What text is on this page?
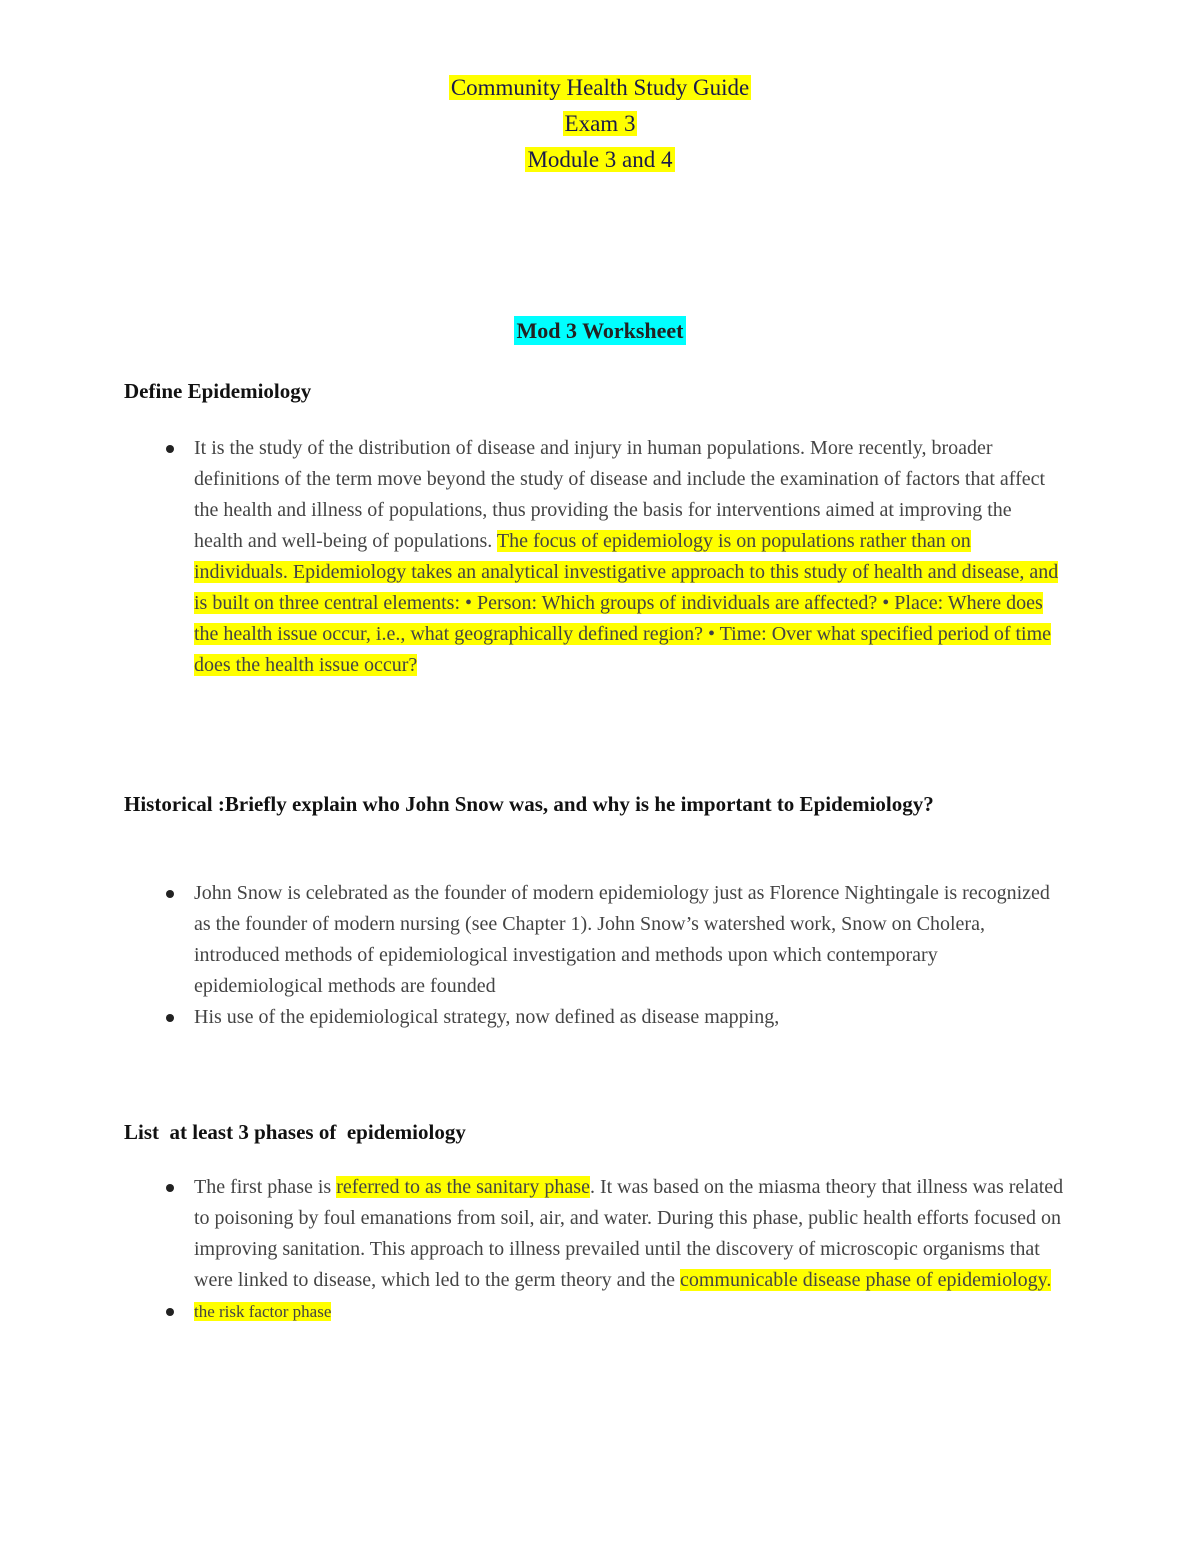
Community Health Study Guide
Exam 3
Module 3 and 4
Mod 3 Worksheet
Define Epidemiology
It is the study of the distribution of disease and injury in human populations. More recently, broader definitions of the term move beyond the study of disease and include the examination of factors that affect the health and illness of populations, thus providing the basis for interventions aimed at improving the health and well-being of populations. The focus of epidemiology is on populations rather than on individuals. Epidemiology takes an analytical investigative approach to this study of health and disease, and is built on three central elements: • Person: Which groups of individuals are affected? • Place: Where does the health issue occur, i.e., what geographically defined region? • Time: Over what specified period of time does the health issue occur?
Historical :Briefly explain who John Snow was, and why is he important to Epidemiology?
John Snow is celebrated as the founder of modern epidemiology just as Florence Nightingale is recognized as the founder of modern nursing (see Chapter 1). John Snow’s watershed work, Snow on Cholera, introduced methods of epidemiological investigation and methods upon which contemporary epidemiological methods are founded
His use of the epidemiological strategy, now defined as disease mapping,
List  at least 3 phases of  epidemiology
The first phase is referred to as the sanitary phase. It was based on the miasma theory that illness was related to poisoning by foul emanations from soil, air, and water. During this phase, public health efforts focused on improving sanitation. This approach to illness prevailed until the discovery of microscopic organisms that were linked to disease, which led to the germ theory and the communicable disease phase of epidemiology.
the risk factor phase
